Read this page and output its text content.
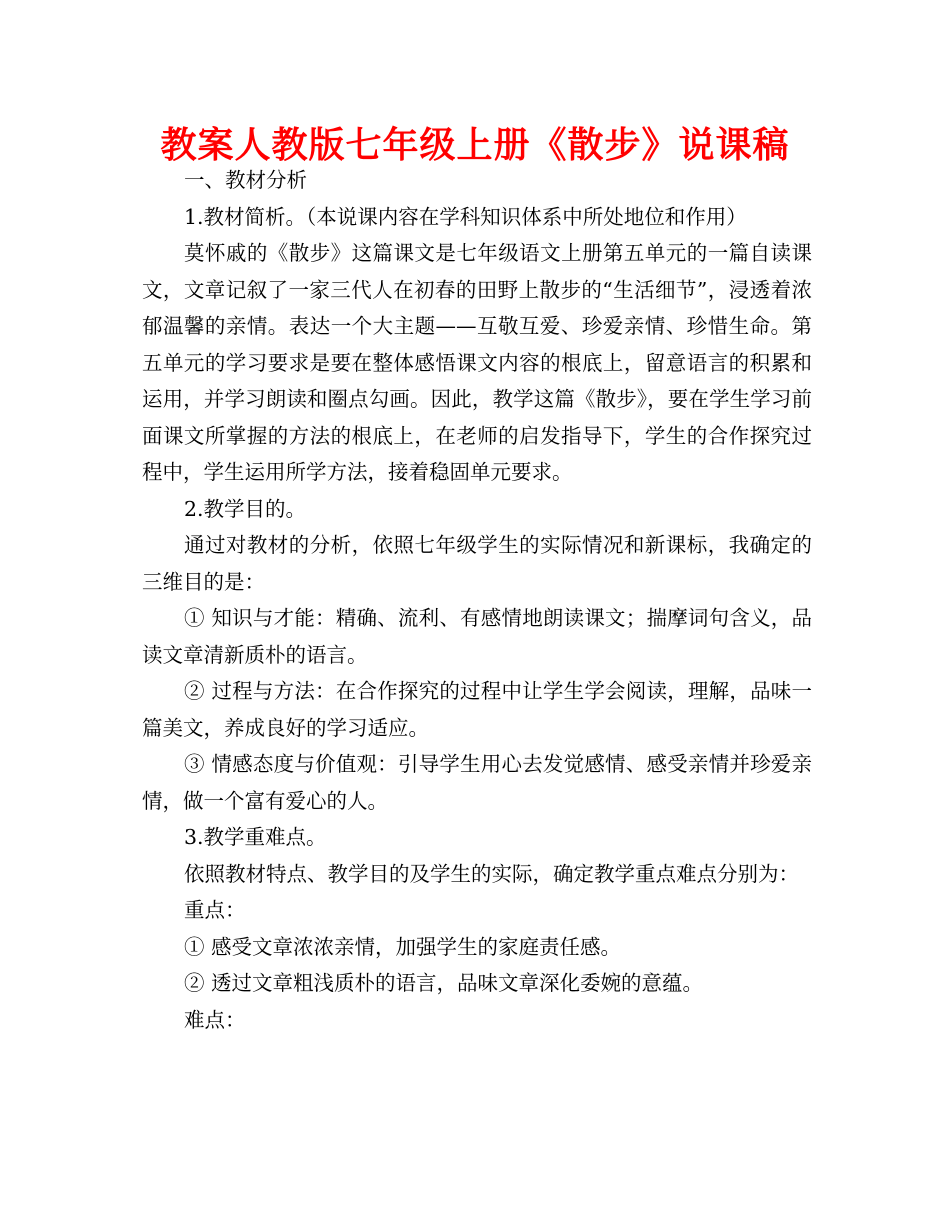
教案人教版七年级上册《散步》说课稿

一、教材分析

1.教材简析。（本说课内容在学科知识体系中所处地位和作用）

莫怀戚的《散步》这篇课文是七年级语文上册第五单元的一篇自读课文，文章记叙了一家三代人在初春的田野上散步的“生活细节”，浸透着浓郁温馨的亲情。表达一个大主题——互敬互爱、珍爱亲情、珍惜生命。第五单元的学习要求是要在整体感悟课文内容的根底上，留意语言的积累和运用，并学习朗读和圈点勾画。因此，教学这篇《散步》，要在学生学习前面课文所掌握的方法的根底上，在老师的启发指导下，学生的合作探究过程中，学生运用所学方法，接着稳固单元要求。

2.教学目的。

通过对教材的分析，依照七年级学生的实际情况和新课标，我确定的三维目的是：

① 知识与才能：精确、流利、有感情地朗读课文；揣摩词句含义，品读文章清新质朴的语言。

② 过程与方法：在合作探究的过程中让学生学会阅读，理解，品味一篇美文，养成良好的学习适应。

③ 情感态度与价值观：引导学生用心去发觉感情、感受亲情并珍爱亲情，做一个富有爱心的人。

3.教学重难点。

依照教材特点、教学目的及学生的实际，确定教学重点难点分别为：

重点：

① 感受文章浓浓亲情，加强学生的家庭责任感。

② 透过文章粗浅质朴的语言，品味文章深化委婉的意蕴。

难点：
